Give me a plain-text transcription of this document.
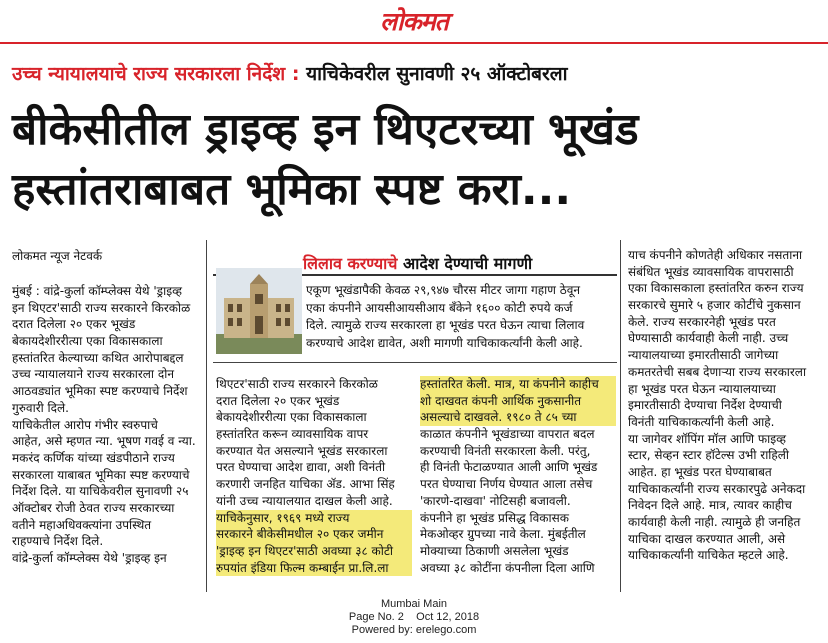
लोकमत
उच्च न्यायालयाचे राज्य सरकारला निर्देश : याचिकेवरील सुनावणी २५ ऑक्टोबरला
बीकेसीतील ड्राइव्ह इन थिएटरच्या भूखंड
हस्तांतराबाबत भूमिका स्पष्ट करा...
लोकमत न्यूज नेटवर्क
मुंबई : वांद्रे-कुर्ला कॉम्प्लेक्स येथे 'ड्राइव्ह
इन थिएटर'साठी राज्य सरकारने किरकोळ
दरात दिलेला २० एकर भूखंड
बेकायदेशीररीत्या एका विकासकाला
हस्तांतरित केल्याच्या कथित आरोपाबद्दल
उच्च न्यायालयाने राज्य सरकारला दोन
आठवड्यांत भूमिका स्पष्ट करण्याचे निर्देश
गुरुवारी दिले.
याचिकेतील आरोप गंभीर स्वरुपाचे
आहेत, असे म्हणत न्या. भूषण गवई व न्या.
मकरंद कर्णिक यांच्या खंडपीठाने राज्य
सरकारला याबाबत भूमिका स्पष्ट करण्याचे
निर्देश दिले. या याचिकेवरील सुनावणी २५
ऑक्टोबर रोजी ठेवत राज्य सरकारच्या
वतीने महाअधिवक्त्यांना उपस्थित
राहण्याचे निर्देश दिले.
वांद्रे-कुर्ला कॉम्प्लेक्स येथे 'ड्राइव्ह इन
लिलाव करण्याचे आदेश देण्याची मागणी
एकूण भूखंडापैकी केवळ २९,९४७ चौरस मीटर जागा गहाण ठेवून
एका कंपनीने आयसीआयसीआय बँकेने १६०० कोटी रुपये कर्ज
दिले. त्यामुळे राज्य सरकारला हा भूखंड परत घेऊन त्याचा लिलाव
करण्याचे आदेश द्यावेत, अशी मागणी याचिकाकर्त्यांनी केली आहे.
थिएटर'साठी राज्य सरकारने किरकोळ
दरात दिलेला २० एकर भूखंड
बेकायदेशीररीत्या एका विकासकाला
हस्तांतरित करून व्यावसायिक वापर
करण्यात येत असल्याने भूखंड सरकारला
परत घेण्याचा आदेश द्यावा, अशी विनंती
करणारी जनहित याचिका ॲड. आभा सिंह
यांनी उच्च न्यायालयात दाखल केली आहे.
याचिकेनुसार, १९६९ मध्ये राज्य
सरकारने बीकेसीमधील २० एकर जमीन
'ड्राइव्ह इन थिएटर'साठी अवघ्या ३८ कोटी
रुपयांत इंडिया फिल्म कम्बाईन प्रा.लि.ला
हस्तांतरित केली. मात्र, या कंपनीने काहीच
शो दाखवत कंपनी आर्थिक नुकसानीत
असल्याचे दाखवले. १९८० ते ८५ च्या
काळात कंपनीने भूखंडाच्या वापरात बदल
करण्याची विनंती सरकारला केली. परंतु,
ही विनंती फेटाळण्यात आली आणि भूखंड
परत घेण्याचा निर्णय घेण्यात आला तसेच
'कारणे-दाखवा' नोटिसही बजावली.
कंपनीने हा भूखंड प्रसिद्ध विकासक
मेकओव्हर ग्रुपच्या नावे केला. मुंबईतील
मोक्याच्या ठिकाणी असलेला भूखंड
अवघ्या ३८ कोटींना कंपनीला दिला आणि
याच कंपनीने कोणतेही अधिकार नसताना
संबंधित भूखंड व्यावसायिक वापरासाठी
एका विकासकाला हस्तांतरित करुन राज्य
सरकारचे सुमारे ५ हजार कोटींचे नुकसान
केले. राज्य सरकारनेही भूखंड परत
घेण्यासाठी कार्यवाही केली नाही. उच्च
न्यायालयाच्या इमारतीसाठी जागेच्या
कमतरतेची सबब देणाऱ्या राज्य सरकारला
हा भूखंड परत घेऊन न्यायालयाच्या
इमारतीसाठी देण्याचा निर्देश देण्याची
विनंती याचिकाकर्त्यांनी केली आहे.
या जागेवर शॉपिंग मॉल आणि फाइव्ह
स्टार, सेव्हन स्टार हॉटेल्स उभी राहिली
आहेत. हा भूखंड परत घेण्याबाबत
याचिकाकर्त्यांनी राज्य सरकारपुढे अनेकदा
निवेदन दिले आहे. मात्र, त्यावर काहीच
कार्यवाही केली नाही. त्यामुळे ही जनहित
याचिका दाखल करण्यात आली, असे
याचिकाकर्त्यांनी याचिकेत म्हटले आहे.
Mumbai Main
Page No. 2    Oct 12, 2018
Powered by: erelego.com
